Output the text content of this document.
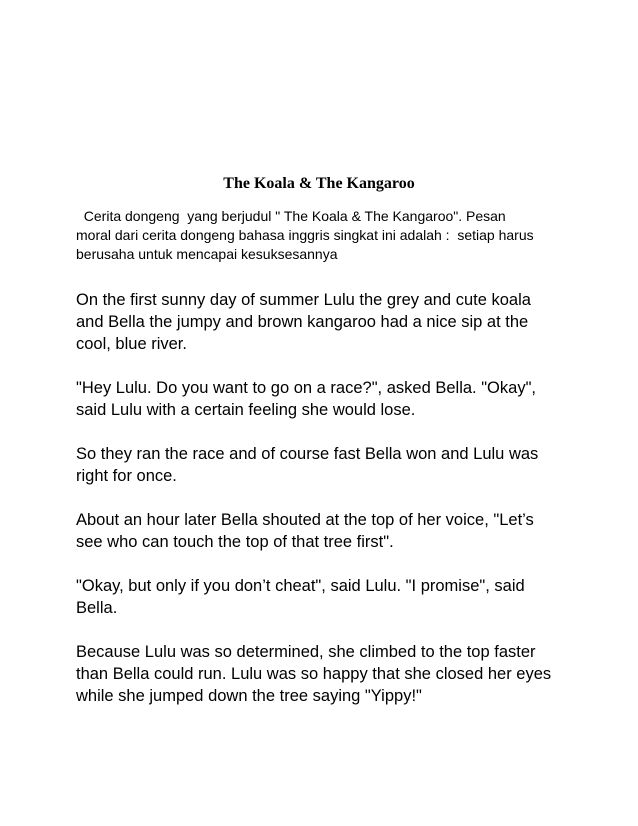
The Koala & The Kangaroo
Cerita dongeng  yang berjudul " The Koala & The Kangaroo". Pesan
moral dari cerita dongeng bahasa inggris singkat ini adalah :  setiap harus
berusaha untuk mencapai kesuksesannya

On the first sunny day of summer Lulu the grey and cute koala
and Bella the jumpy and brown kangaroo had a nice sip at the
cool, blue river.

"Hey Lulu. Do you want to go on a race?", asked Bella. "Okay",
said Lulu with a certain feeling she would lose.

So they ran the race and of course fast Bella won and Lulu was
right for once.

About an hour later Bella shouted at the top of her voice, "Let’s
see who can touch the top of that tree first".

"Okay, but only if you don’t cheat", said Lulu. "I promise", said
Bella.

Because Lulu was so determined, she climbed to the top faster
than Bella could run. Lulu was so happy that she closed her eyes
while she jumped down the tree saying "Yippy!"
